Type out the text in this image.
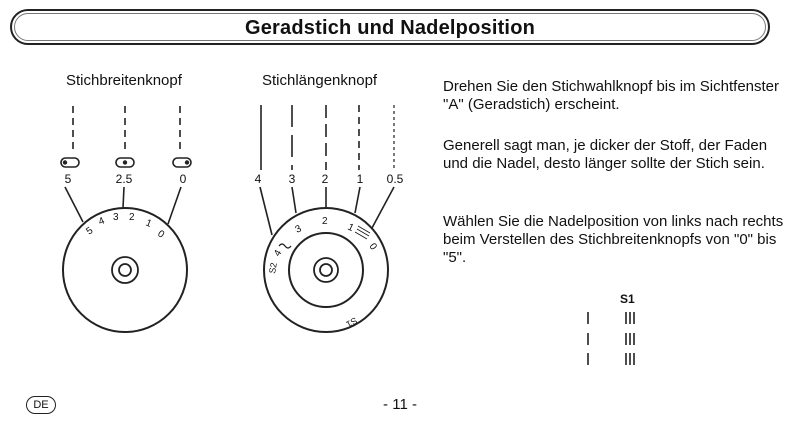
Geradstich und Nadelposition
Stichbreitenknopf	Stichlängenknopf	Drehen Sie den Stichwahlknopf bis im Sichtfenster "A" (Geradstich) erscheint.

Generell sagt man, je dicker der Stoff, der Faden und die Nadel, desto länger sollte der Stich sein.

Wählen Sie die Nadelposition von links nach rechts beim Verstellen des Stichbreitenknopfs von "0" bis "5".

5	2.5	0
5
4 3 2
1
0
4 3 2 1 0.5
4
3
2
1
0
S2
S1
S1
DE	- 11 -
